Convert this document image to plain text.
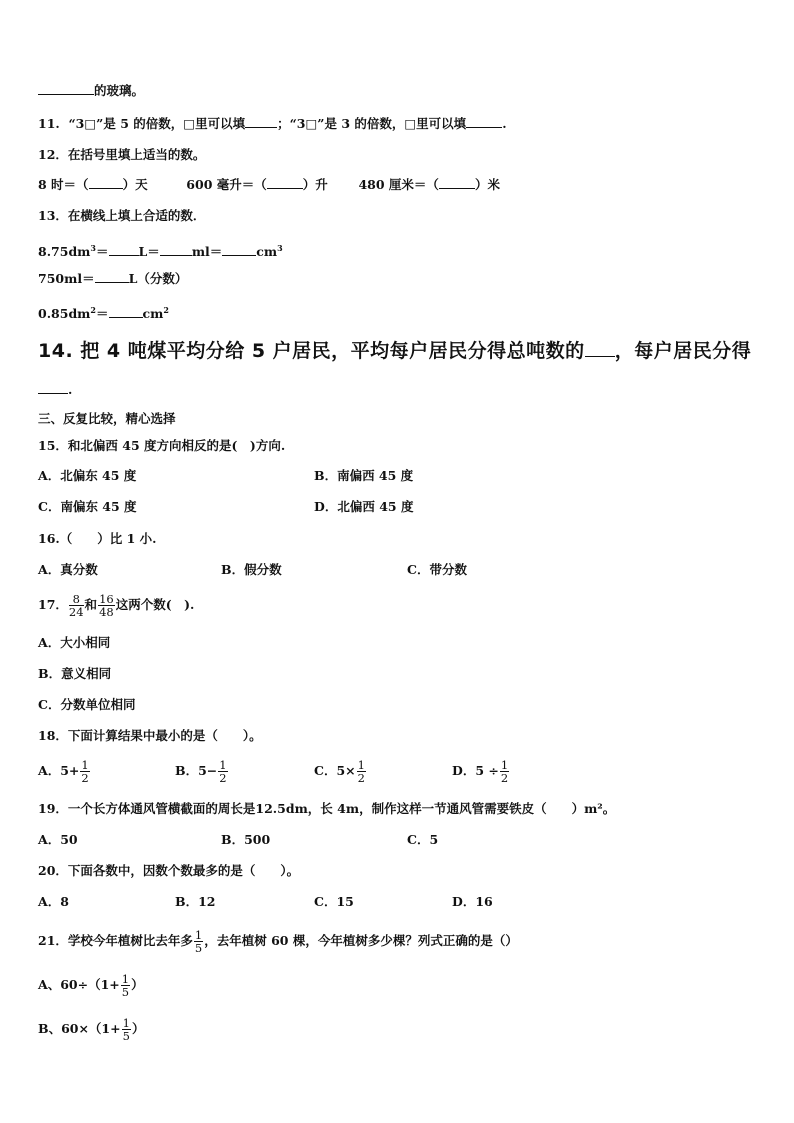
的玻璃。
11. “3□”是 5 的倍数，□里可以填	；“3□”是 3 的倍数，□里可以填	.
12．在括号里填上适当的数。
8 时＝（	）天	600 毫升＝（	）升 480 厘米＝（	）米
13．在横线上填上合适的数．
$8.75dm^3= L=$	ml＝	$cm^3$
750ml＝	L（分数）
$0.85dm^2=$	$cm^2$
14. 把 4 吨煤平均分给 5 户居民，平均每户居民分得总吨数的 ，每户居民分得
.
三、反复比较，精心选择
15．和北偏西 45 度方向相反的是(　)方向.
A．北偏东 45 度	B．南偏西 45 度
C．南偏东 45 度	D．北偏西 45 度
16.（　　）比 1 小.
A．真分数	B．假分数	C．带分数
17． $\frac{8}{24}$ 和 $\frac{16}{48}$ 这两个数(　).
A．大小相同
B．意义相同
C．分数单位相同
18．下面计算结果中最小的是（　　）。
A．$5+ \frac{1}{2}$	B．$5- \frac{1}{2}$	C．$5\times \frac{1}{2}$	D．$5 \div \frac{1}{2}$
19．一个长方体通风管横截面的周长是12.5dm，长 4m，制作这样一节通风管需要铁皮（　　）m²。
A．50	B．500	C．5
20．下面各数中，因数个数最多的是（　　）。
A．8	B．12	C．15	D．16
21．学校今年植树比去年多 $\frac{1}{5}$ ，去年植树 60 棵，今年植树多少棵？列式正确的是（）
A、$60\div(1+ \frac{1}{5}$ ）
B、$60\times(1+ \frac{1}{5}$ ）
